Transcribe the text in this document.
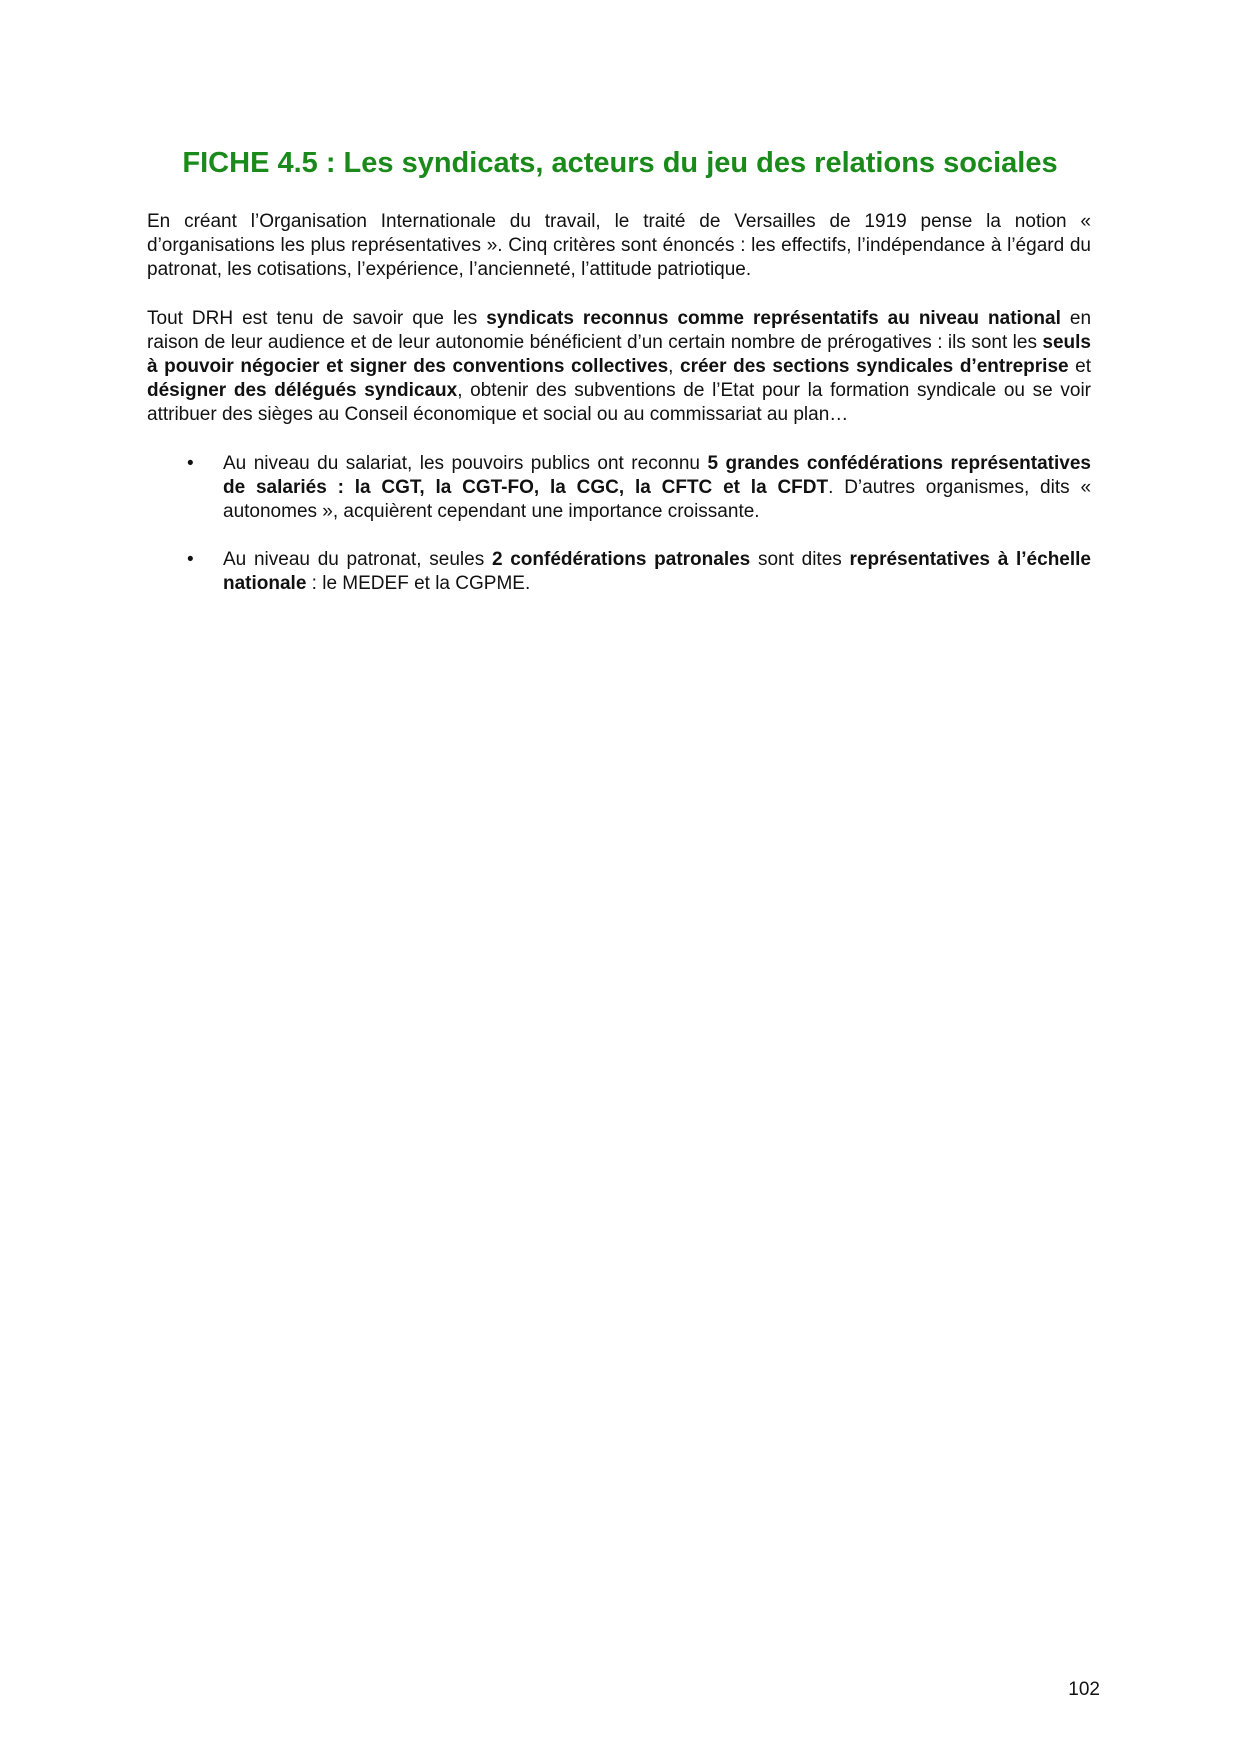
FICHE 4.5 : Les syndicats, acteurs du jeu des relations sociales

En créant l’Organisation Internationale du travail, le traité de Versailles de 1919 pense la notion « d’organisations les plus représentatives ». Cinq critères sont énoncés : les effectifs, l’indépendance à l’égard du patronat, les cotisations, l’expérience, l’ancienneté, l’attitude patriotique.

Tout DRH est tenu de savoir que les syndicats reconnus comme représentatifs au niveau national en raison de leur audience et de leur autonomie bénéficient d’un certain nombre de prérogatives : ils sont les seuls à pouvoir négocier et signer des conventions collectives, créer des sections syndicales d’entreprise et désigner des délégués syndicaux, obtenir des subventions de l’Etat pour la formation syndicale ou se voir attribuer des sièges au Conseil économique et social ou au commissariat au plan…

• Au niveau du salariat, les pouvoirs publics ont reconnu 5 grandes confédérations représentatives de salariés : la CGT, la CGT-FO, la CGC, la CFTC et la CFDT. D’autres organismes, dits « autonomes », acquièrent cependant une importance croissante.
• Au niveau du patronat, seules 2 confédérations patronales sont dites représentatives à l’échelle nationale : le MEDEF et la CGPME.
102
